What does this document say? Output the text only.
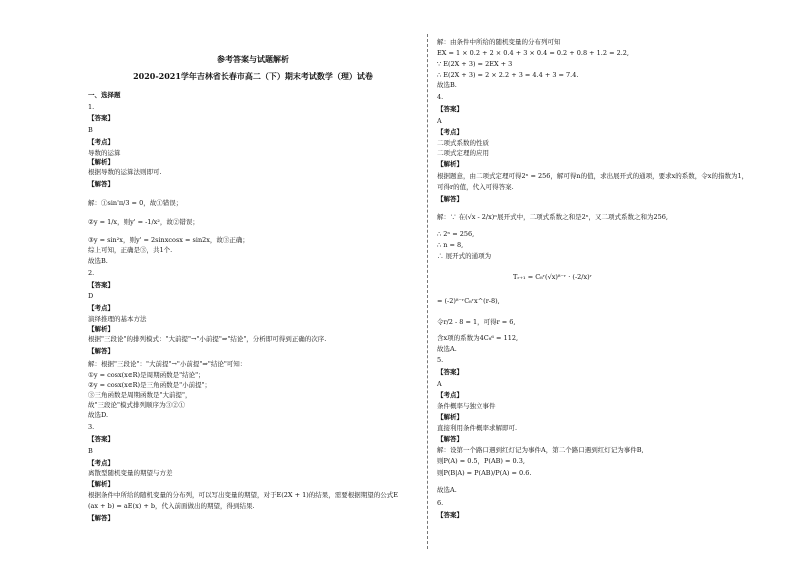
参考答案与试题解析
2020-2021学年吉林省长春市高二（下）期末考试数学（理）试卷
一、选择题
1.
【答案】
B
【考点】
导数的运算
【解析】
根据导数的运算法则即可.
【解答】
解：①sin'π/3 = 0，故①错误；
②y = 1/x，则y' = -1/x²，故②错误；
③y = sin²x，则y' = 2sinxcosx = sin2x，故③正确；
综上可知，正确是③，共1个.
故选B.
2.
【答案】
D
【考点】
演绎推理的基本方法
【解析】
根据"三段论"的排列模式："大前提"→"小前提"⇒"结论"，分析即可得到正确的次序.
【解答】
解：根据"三段论"："大前提"→"小前提"⇒"结论"可知：
①y = cosx(x∈R)是周期函数是"结论"；
②y = cosx(x∈R)是三角函数是"小前提"；
③三角函数是周期函数是"大前提"，
故"三段论"模式排列顺序为③②①
故选D.
3.
【答案】
B
【考点】
离散型随机变量的期望与方差
【解析】
根据条件中所给的随机变量的分布列，可以写出变量的期望，对于E(2X + 1)的结果，需要根据期望的公式E
(ax + b) = aE(x) + b，代入前面做出的期望，得到结果.
【解答】
解：由条件中所给的随机变量的分布列可知
EX = 1 × 0.2 + 2 × 0.4 + 3 × 0.4 = 0.2 + 0.8 + 1.2 = 2.2,
∵ E(2X + 3) = 2EX + 3
∴ E(2X + 3) = 2 × 2.2 + 3 = 4.4 + 3 = 7.4.
故选B.
4.
【答案】
A
【考点】
二项式系数的性质
二项式定理的应用
【解析】
根据题意，由二项式定理可得2ⁿ = 256，解可得n的值，求出展开式的通项，要求x的系数，令x的指数为1，
可得r的值，代入可得答案.
【解答】
解：∵ 在(√x - 2/x)ⁿ展开式中，二项式系数之和是2ⁿ，又二项式系数之和为256,
∴ 2ⁿ = 256,
∴ n = 8,
∴ 展开式的通项为
Tᵣ₊₁ = C₈ʳ(√x)⁸⁻ʳ · (-2/x)ʳ
= (-2)⁸⁻ʳC₈ʳx^(r-8),
令r/2 - 8 = 1，可得r = 6,
含x项的系数为4C₈⁶ = 112,
故选A.
5.
【答案】
A
【考点】
条件概率与独立事件
【解析】
直接利用条件概率求解即可.
【解答】
解：设第一个路口遇到红灯记为事件A，第二个路口遇到红灯记为事件B,
则P(A) = 0.5，P(AB) = 0.3,
则P(B|A) = P(AB)/P(A) = 0.6.
故选A.
6.
【答案】
